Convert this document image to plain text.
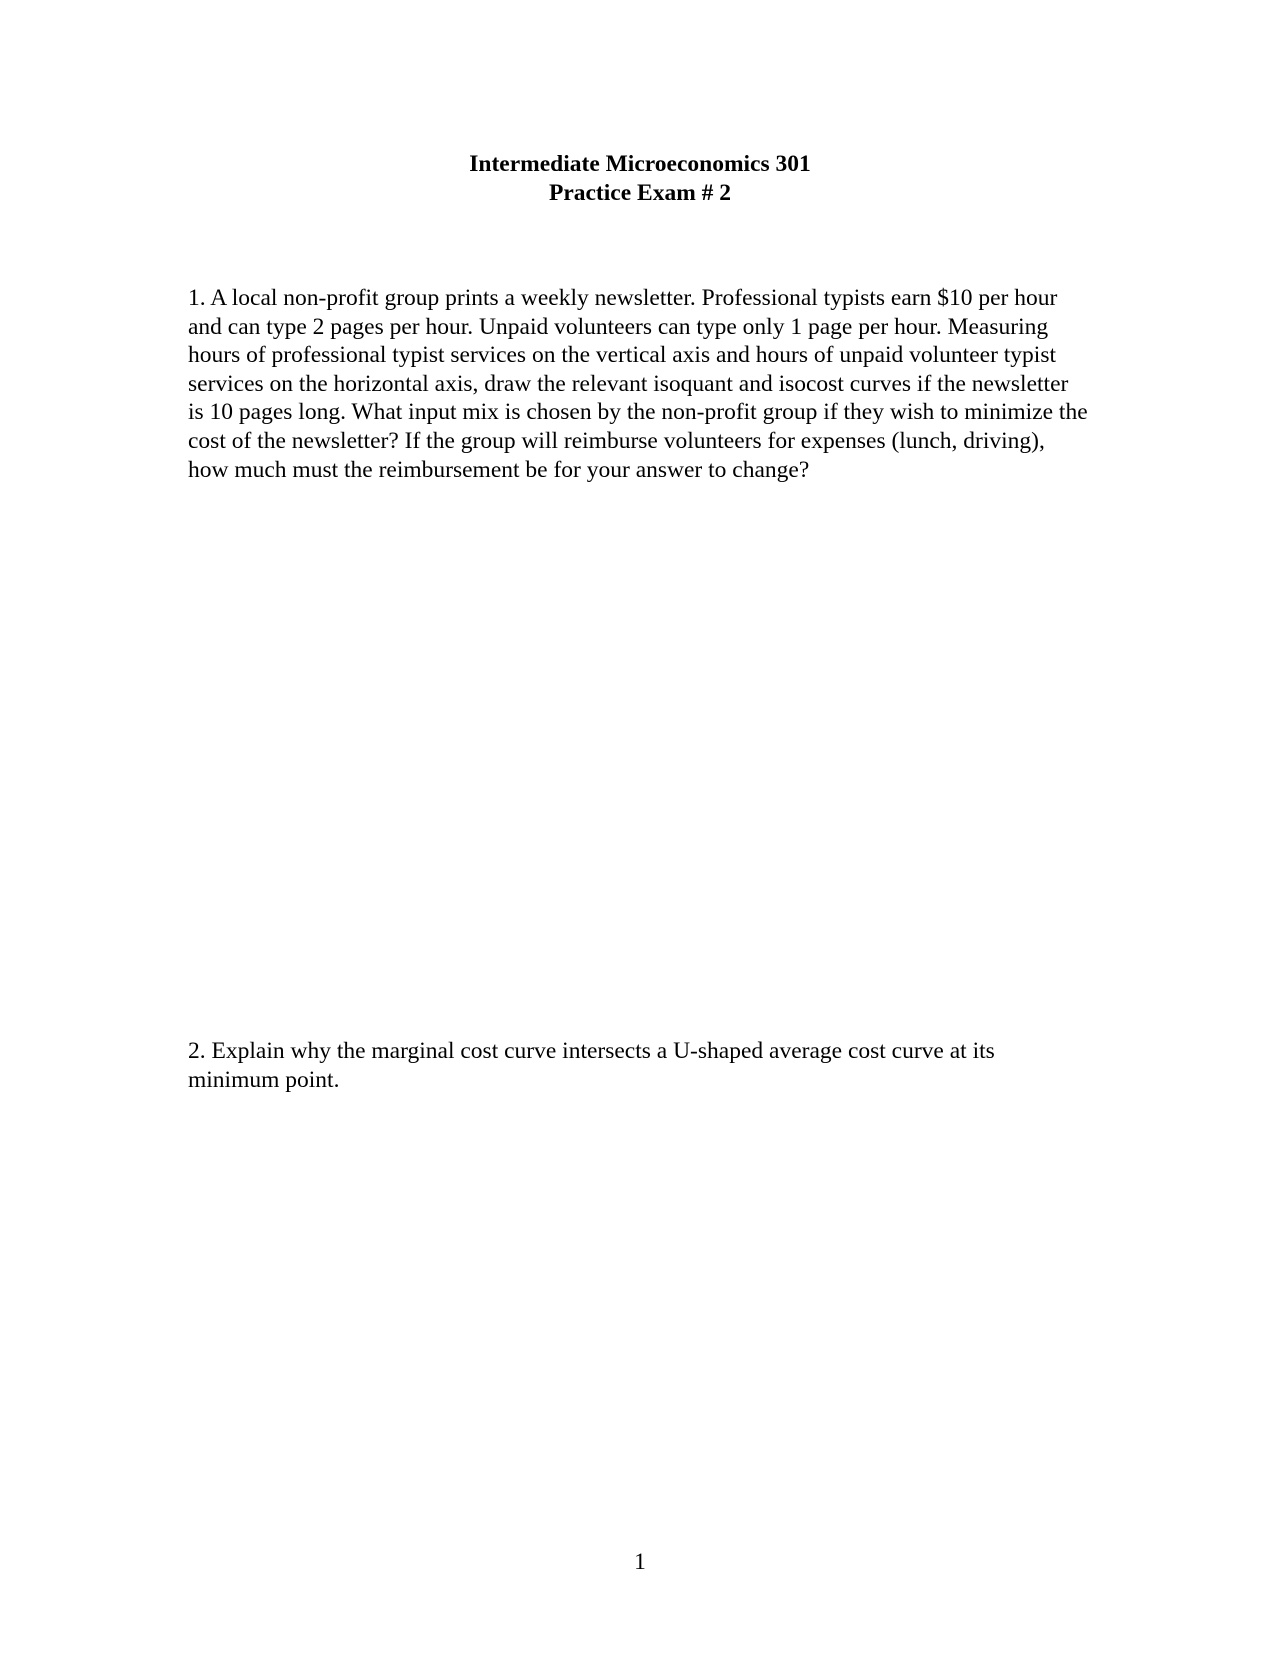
Intermediate Microeconomics 301
Practice Exam # 2

1. A local non-profit group prints a weekly newsletter. Professional typists earn $10 per hour and can type 2 pages per hour. Unpaid volunteers can type only 1 page per hour. Measuring hours of professional typist services on the vertical axis and hours of unpaid volunteer typist services on the horizontal axis, draw the relevant isoquant and isocost curves if the newsletter is 10 pages long. What input mix is chosen by the non-profit group if they wish to minimize the cost of the newsletter? If the group will reimburse volunteers for expenses (lunch, driving), how much must the reimbursement be for your answer to change?

2. Explain why the marginal cost curve intersects a U-shaped average cost curve at its minimum point.

1
